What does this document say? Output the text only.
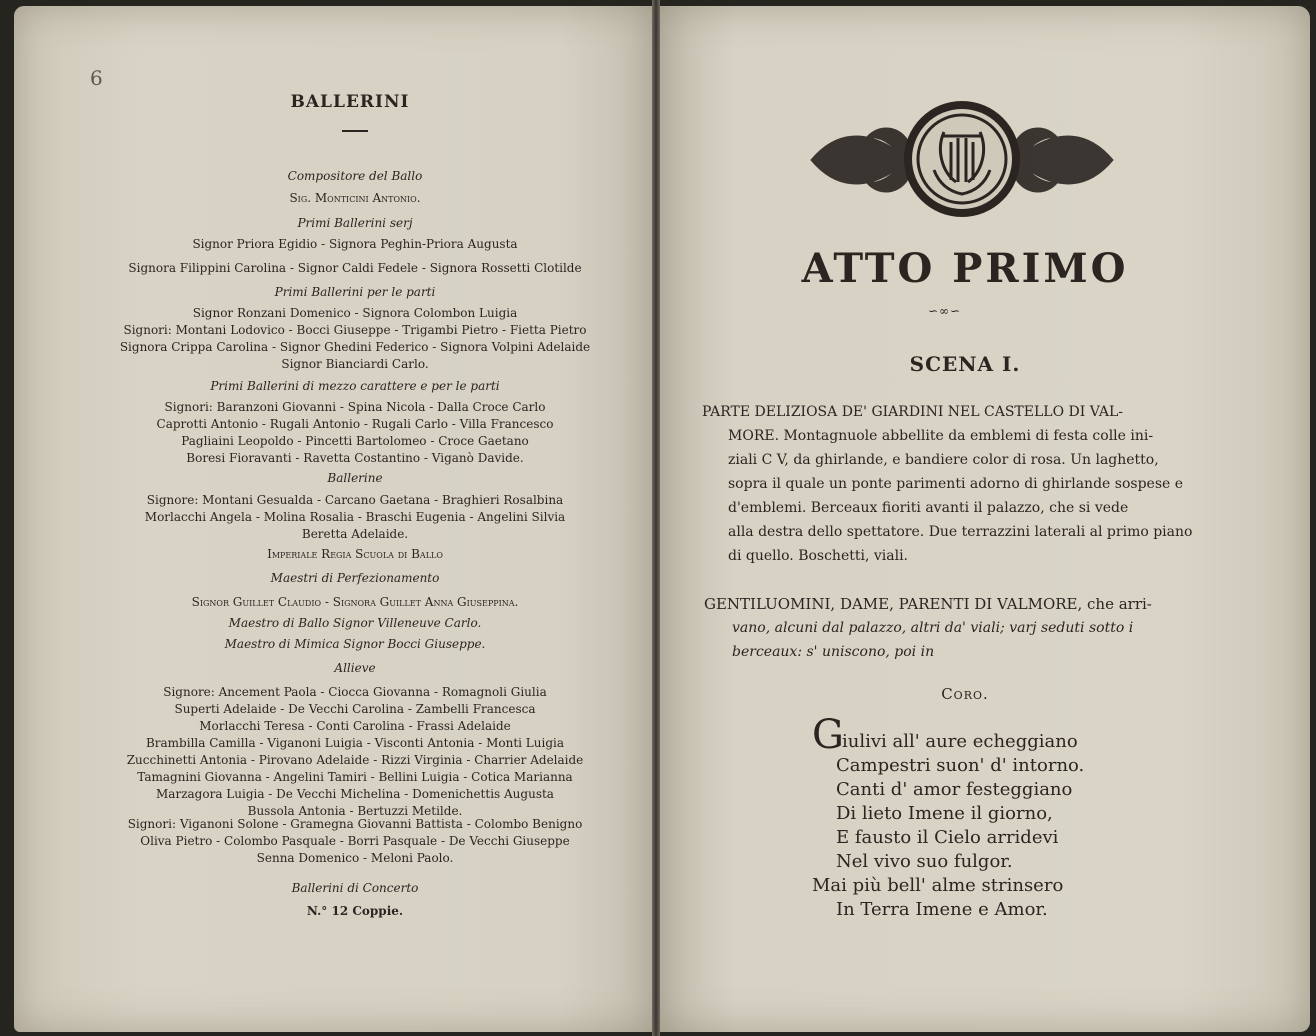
6
BALLERINI
Compositore del Ballo
Sig. Monticini Antonio.
Primi Ballerini serj
Signor Priora Egidio - Signora Peghin-Priora Augusta
Signora Filippini Carolina - Signor Caldi Fedele - Signora Rossetti Clotilde
Primi Ballerini per le parti
Signor Ronzani Domenico - Signora Colombon Luigia
Signori: Montani Lodovico - Bocci Giuseppe - Trigambi Pietro - Fietta Pietro
Signora Crippa Carolina - Signor Ghedini Federico - Signora Volpini Adelaide
Signor Bianciardi Carlo.
Primi Ballerini di mezzo carattere e per le parti
Signori: Baranzoni Giovanni - Spina Nicola - Dalla Croce Carlo
Caprotti Antonio - Rugali Antonio - Rugali Carlo - Villa Francesco
Pagliaini Leopoldo - Pincetti Bartolomeo - Croce Gaetano
Boresi Fioravanti - Ravetta Costantino - Viganò Davide.
Ballerine
Signore: Montani Gesualda - Carcano Gaetana - Braghieri Rosalbina
Morlacchi Angela - Molina Rosalia - Braschi Eugenia - Angelini Silvia
Beretta Adelaide.
Imperiale Regia Scuola di Ballo
Maestri di Perfezionamento
Signor Guillet Claudio - Signora Guillet Anna Giuseppina.
Maestro di Ballo Signor Villeneuve Carlo.
Maestro di Mimica Signor Bocci Giuseppe.
Allieve
Signore: Ancement Paola - Ciocca Giovanna - Romagnoli Giulia
Superti Adelaide - De Vecchi Carolina - Zambelli Francesca
Morlacchi Teresa - Conti Carolina - Frassi Adelaide
Brambilla Camilla - Viganoni Luigia - Visconti Antonia - Monti Luigia
Zucchinetti Antonia - Pirovano Adelaide - Rizzi Virginia - Charrier Adelaide
Tamagnini Giovanna - Angelini Tamiri - Bellini Luigia - Cotica Marianna
Marzagora Luigia - De Vecchi Michelina - Domenichettis Augusta
Bussola Antonia - Bertuzzi Metilde.
Signori: Viganoni Solone - Gramegna Giovanni Battista - Colombo Benigno
Oliva Pietro - Colombo Pasquale - Borri Pasquale - De Vecchi Giuseppe
Senna Domenico - Meloni Paolo.
Ballerini di Concerto
N.° 12 Coppie.
ATTO PRIMO
∽∞∽
SCENA I.
PARTE DELIZIOSA DE' GIARDINI NEL CASTELLO DI VAL-
MORE. Montagnuole abbellite da emblemi di festa colle ini-
ziali C V, da ghirlande, e bandiere color di rosa. Un laghetto,
sopra il quale un ponte parimenti adorno di ghirlande sospese e
d'emblemi. Berceaux fioriti avanti il palazzo, che si vede
alla destra dello spettatore. Due terrazzini laterali al primo piano
di quello. Boschetti, viali.
GENTILUOMINI, DAME, PARENTI DI VALMORE, che arri-
vano, alcuni dal palazzo, altri da' viali; varj seduti sotto i
berceaux: s' uniscono, poi in
Coro.
G
iulivi all' aure echeggiano
Campestri suon' d' intorno.
Canti d' amor festeggiano
Di lieto Imene il giorno,
E fausto il Cielo arridevi
Nel vivo suo fulgor.
Mai più bell' alme strinsero
In Terra Imene e Amor.
